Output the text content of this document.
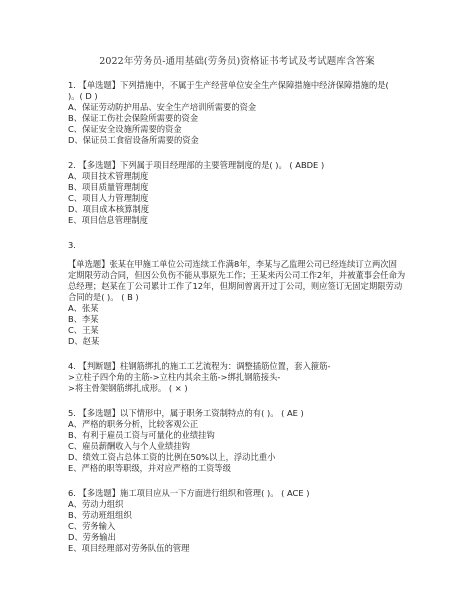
2022年劳务员-通用基础(劳务员)资格证书考试及考试题库含答案
1. 【单选题】下列措施中，不属于生产经营单位安全生产保障措施中经济保障措施的是(
)。( D )
A、保证劳动防护用品、安全生产培训所需要的资金
B、保证工伤社会保险所需要的资金
C、保证安全设施所需要的资金
D、保证员工食宿设备所需要的资金
2. 【多选题】下列属于项目经理部的主要管理制度的是( )。 ( ABDE )
A、项目技术管理制度
B、项目质量管理制度
C、项目人力管理制度
D、项目成本核算制度
E、项目信息管理制度
3.
【单选题】张某在甲施工单位公司连续工作满8年，李某与乙监理公司已经连续订立两次固
定期限劳动合同，但因公负伤不能从事原先工作；王某来丙公司工作2年，并被董事会任命为
总经理；赵某在丁公司累计工作了12年，但期间曾离开过丁公司，则应签订无固定期限劳动
合同的是( )。 ( B )
A、张某
B、李某
C、王某
D、赵某
4. 【判断题】柱钢筋绑扎的施工工艺流程为：调整插筋位置，套入箍筋-
>立柱子四个角的主筋->立柱内其余主筋->绑扎钢筋接头-
>将主骨架钢筋绑扎成形。 ( × )
5. 【多选题】以下情形中，属于职务工资制特点的有( )。 ( AE )
A、严格的职务分析，比较客观公正
B、有利于雇员工资与可量化的业绩挂钩
C、雇员薪酬收入与个人业绩挂钩
D、绩效工资占总体工资的比例在50%以上，浮动比重小
E、严格的职等职级，并对应严格的工资等级
6. 【多选题】施工项目应从一下方面进行组织和管理( )。 ( ACE )
A、劳动力组织
B、劳动班组组织
C、劳务输入
D、劳务输出
E、项目经理部对劳务队伍的管理
